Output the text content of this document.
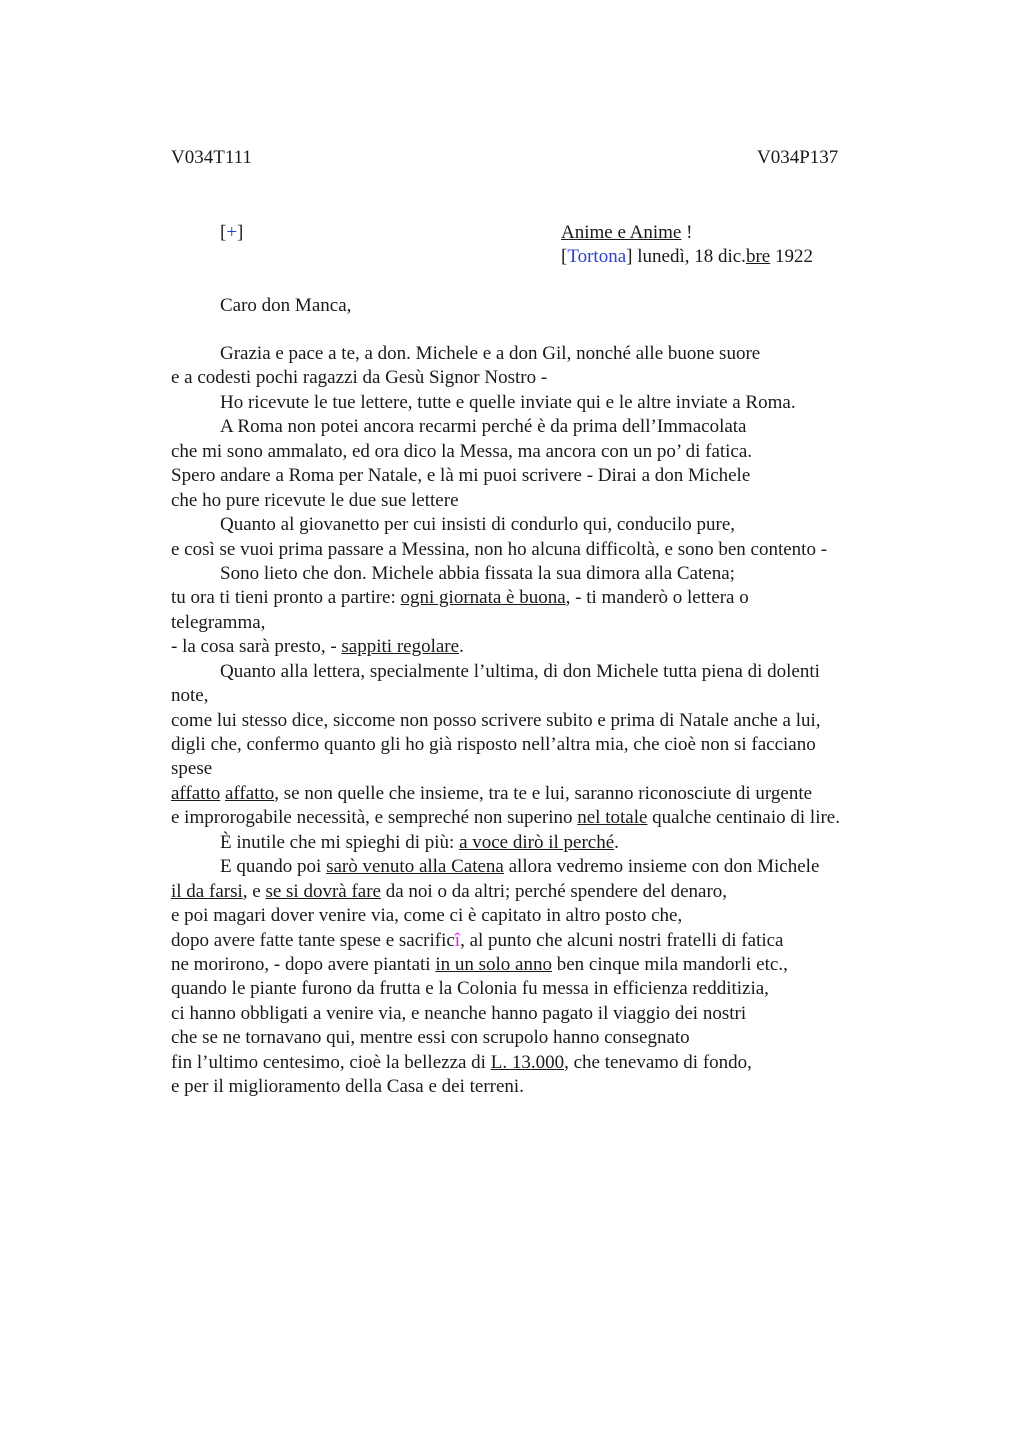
V034T111	V034P137
[+]	Anime e Anime !
[Tortona] lunedì, 18 dic.bre 1922
Caro don Manca,
Grazia e pace a te, a don. Michele e a don Gil, nonché alle buone suore
e a codesti pochi ragazzi da Gesù Signor Nostro -
Ho ricevute le tue lettere, tutte e quelle inviate qui e le altre inviate a Roma.
A Roma non potei ancora recarmi perché è da prima dell’Immacolata
che mi sono ammalato, ed ora dico la Messa, ma ancora con un po’ di fatica.
Spero andare a Roma per Natale, e là mi puoi scrivere - Dirai a don Michele
che ho pure ricevute le due sue lettere
Quanto al giovanetto per cui insisti di condurlo qui, conducilo pure,
e così se vuoi prima passare a Messina, non ho alcuna difficoltà, e sono ben contento -
Sono lieto che don. Michele abbia fissata la sua dimora alla Catena;
tu ora ti tieni pronto a partire: ogni giornata è buona, - ti manderò o lettera o
telegramma,
- la cosa sarà presto, - sappiti regolare.
Quanto alla lettera, specialmente l’ultima, di don Michele tutta piena di dolenti
note,
come lui stesso dice, siccome non posso scrivere subito e prima di Natale anche a lui,
digli che, confermo quanto gli ho già risposto nell’altra mia, che cioè non si facciano
spese
affatto affatto, se non quelle che insieme, tra te e lui, saranno riconosciute di urgente
e improrogabile necessità, e sempreché non superino nel totale qualche centinaio di lire.
È inutile che mi spieghi di più: a voce dirò il perché.
E quando poi sarò venuto alla Catena allora vedremo insieme con don Michele
il da farsi, e se si dovrà fare da noi o da altri; perché spendere del denaro,
e poi magari dover venire via, come ci è capitato in altro posto che,
dopo avere fatte tante spese e sacrificî, al punto che alcuni nostri fratelli di fatica
ne morirono, - dopo avere piantati in un solo anno ben cinque mila mandorli etc.,
quando le piante furono da frutta e la Colonia fu messa in efficienza redditizia,
ci hanno obbligati a venire via, e neanche hanno pagato il viaggio dei nostri
che se ne tornavano qui, mentre essi con scrupolo hanno consegnato
fin l’ultimo centesimo, cioè la bellezza di L. 13.000, che tenevamo di fondo,
e per il miglioramento della Casa e dei terreni.
